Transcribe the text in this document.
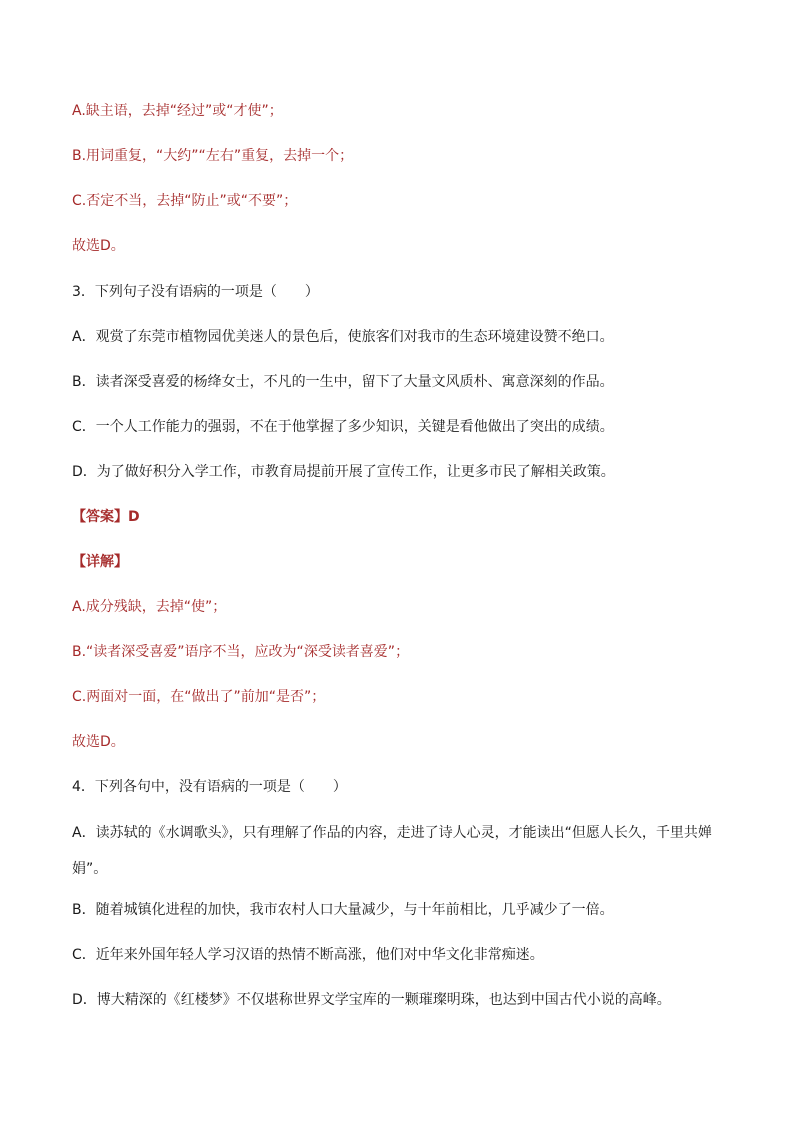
A.缺主语，去掉“经过”或“才使”；
B.用词重复，“大约”“左右”重复，去掉一个；
C.否定不当，去掉“防止”或“不要”；
故选D。
3．下列句子没有语病的一项是（　　）
A．观赏了东莞市植物园优美迷人的景色后，使旅客们对我市的生态环境建设赞不绝口。
B．读者深受喜爱的杨绛女士，不凡的一生中，留下了大量文风质朴、寓意深刻的作品。
C．一个人工作能力的强弱，不在于他掌握了多少知识，关键是看他做出了突出的成绩。
D．为了做好积分入学工作，市教育局提前开展了宣传工作，让更多市民了解相关政策。
【答案】D
【详解】
A.成分残缺，去掉“使”；
B.“读者深受喜爱”语序不当，应改为“深受读者喜爱”；
C.两面对一面，在“做出了”前加“是否”；
故选D。
4．下列各句中，没有语病的一项是（　　）
A．读苏轼的《水调歌头》，只有理解了作品的内容，走进了诗人心灵，才能读出“但愿人长久，千里共婵娟”。
B．随着城镇化进程的加快，我市农村人口大量减少，与十年前相比，几乎减少了一倍。
C．近年来外国年轻人学习汉语的热情不断高涨，他们对中华文化非常痴迷。
D．博大精深的《红楼梦》不仅堪称世界文学宝库的一颗璀璨明珠，也达到中国古代小说的高峰。
